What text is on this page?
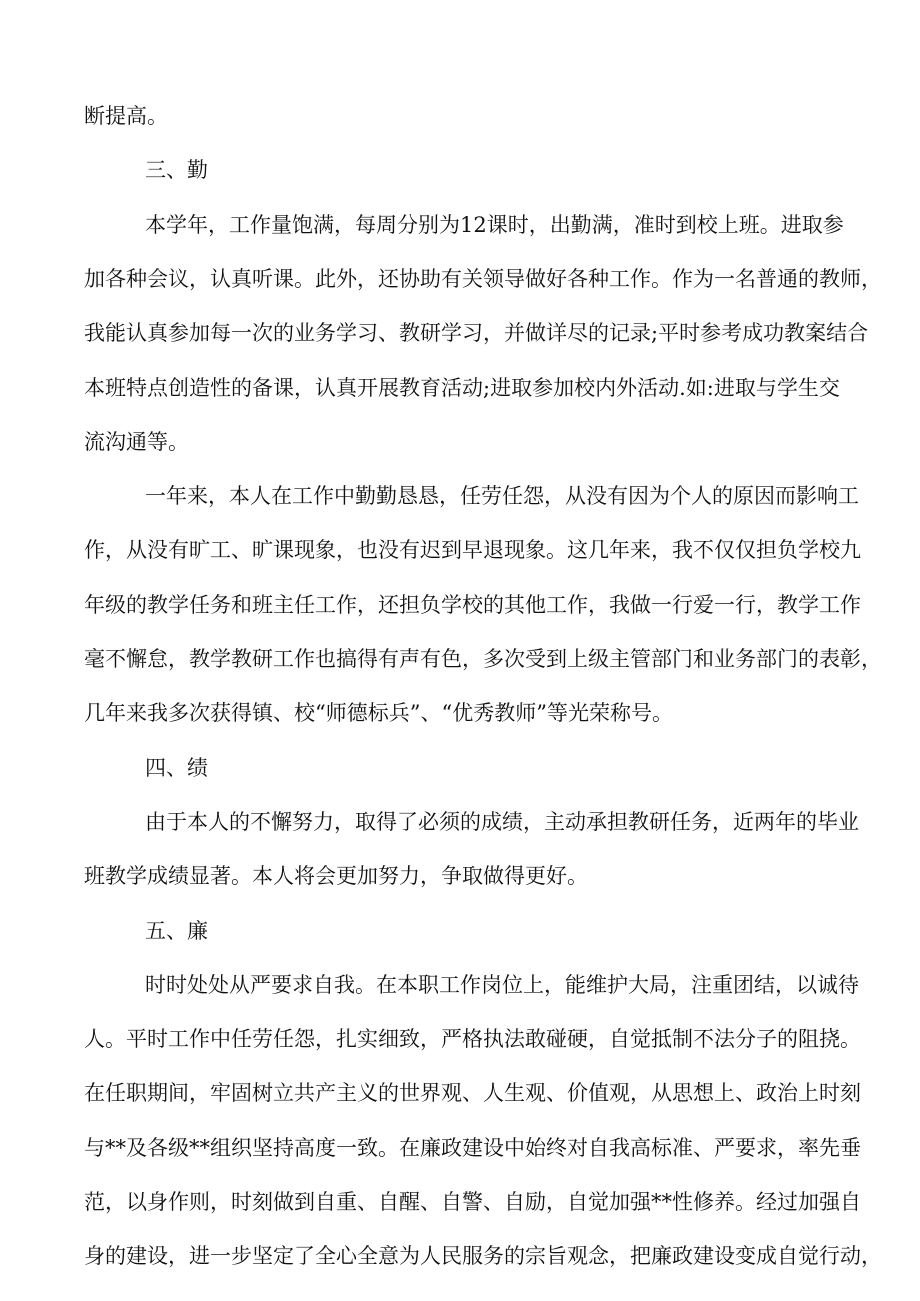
断提高。
三、勤
本学年，工作量饱满，每周分别为12课时，出勤满，准时到校上班。进取参
加各种会议，认真听课。此外，还协助有关领导做好各种工作。作为一名普通的教师，
我能认真参加每一次的业务学习、教研学习，并做详尽的记录;平时参考成功教案结合
本班特点创造性的备课，认真开展教育活动;进取参加校内外活动.如:进取与学生交
流沟通等。
一年来，本人在工作中勤勤恳恳，任劳任怨，从没有因为个人的原因而影响工
作，从没有旷工、旷课现象，也没有迟到早退现象。这几年来，我不仅仅担负学校九
年级的教学任务和班主任工作，还担负学校的其他工作，我做一行爱一行，教学工作
毫不懈怠，教学教研工作也搞得有声有色，多次受到上级主管部门和业务部门的表彰，
几年来我多次获得镇、校“师德标兵”、“优秀教师”等光荣称号。
四、绩
由于本人的不懈努力，取得了必须的成绩，主动承担教研任务，近两年的毕业
班教学成绩显著。本人将会更加努力，争取做得更好。
五、廉
时时处处从严要求自我。在本职工作岗位上，能维护大局，注重团结，以诚待
人。平时工作中任劳任怨，扎实细致，严格执法敢碰硬，自觉抵制不法分子的阻挠。
在任职期间，牢固树立共产主义的世界观、人生观、价值观，从思想上、政治上时刻
与**及各级**组织坚持高度一致。在廉政建设中始终对自我高标准、严要求，率先垂
范，以身作则，时刻做到自重、自醒、自警、自励，自觉加强**性修养。经过加强自
身的建设，进一步坚定了全心全意为人民服务的宗旨观念，把廉政建设变成自觉行动，
